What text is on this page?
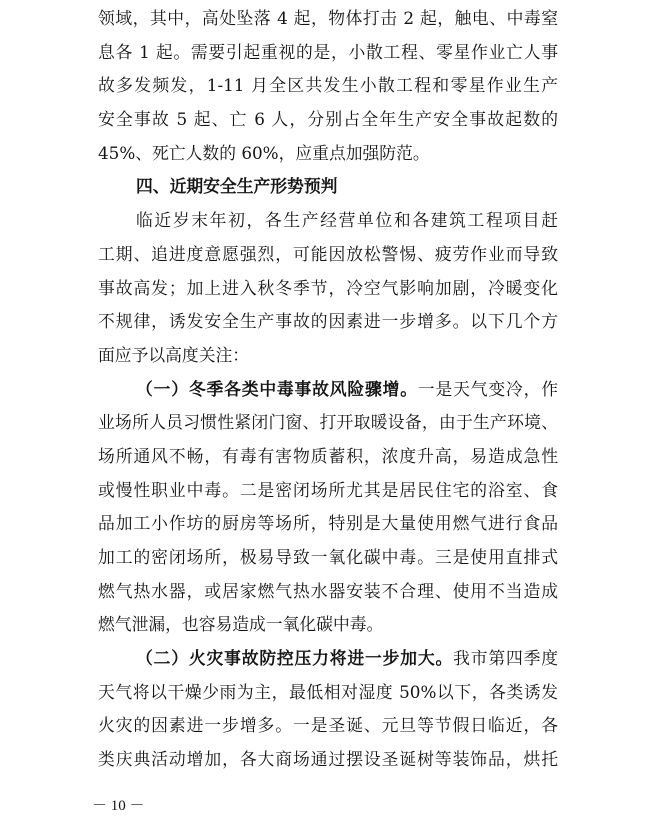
领域，其中，高处坠落 4 起，物体打击 2 起，触电、中毒窒
息各 1 起。需要引起重视的是，小散工程、零星作业亡人事
故多发频发，1-11 月全区共发生小散工程和零星作业生产
安全事故 5 起、亡 6 人，分别占全年生产安全事故起数的
45%、死亡人数的 60%，应重点加强防范。
四、近期安全生产形势预判
临近岁末年初，各生产经营单位和各建筑工程项目赶
工期、追进度意愿强烈，可能因放松警惕、疲劳作业而导致
事故高发；加上进入秋冬季节，冷空气影响加剧，冷暖变化
不规律，诱发安全生产事故的因素进一步增多。以下几个方
面应予以高度关注：
（一）冬季各类中毒事故风险骤增。一是天气变冷，作
业场所人员习惯性紧闭门窗、打开取暖设备，由于生产环境、
场所通风不畅，有毒有害物质蓄积，浓度升高，易造成急性
或慢性职业中毒。二是密闭场所尤其是居民住宅的浴室、食
品加工小作坊的厨房等场所，特别是大量使用燃气进行食品
加工的密闭场所，极易导致一氧化碳中毒。三是使用直排式
燃气热水器，或居家燃气热水器安装不合理、使用不当造成
燃气泄漏，也容易造成一氧化碳中毒。
（二）火灾事故防控压力将进一步加大。我市第四季度
天气将以干燥少雨为主，最低相对湿度 50%以下，各类诱发
火灾的因素进一步增多。一是圣诞、元旦等节假日临近，各
类庆典活动增加，各大商场通过摆设圣诞树等装饰品，烘托
－ 10 －
